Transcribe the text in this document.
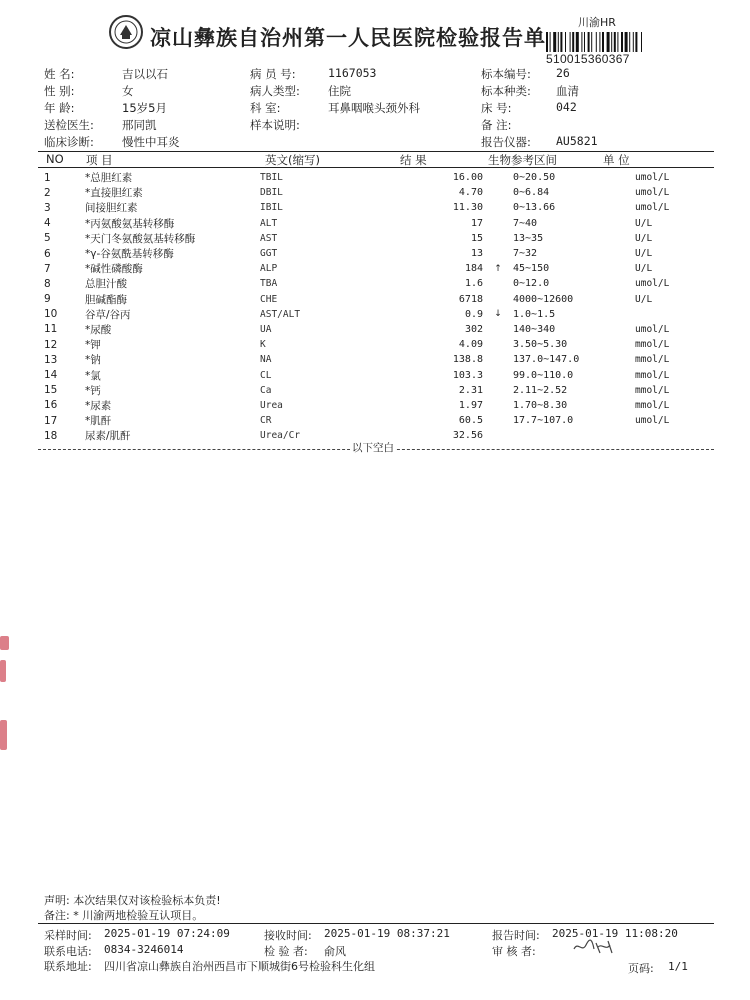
凉山彝族自治州第一人民医院检验报告单
川渝HR
510015360367
姓 名:	吉以以石
性 别:	女
年 龄:	15岁5月
送检医生: 邢同凯
临床诊断: 慢性中耳炎
病 员 号:	1167053
病人类型: 住院
科 室:	耳鼻咽喉头颈外科
样本说明:
标本编号: 26
标本种类: 血清
床 号:	042
备 注:
报告仪器: AU5821
NO 项 目	英文(缩写)	结 果	生物参考区间	单 位
1	*总胆红素	TBIL	16.00		0~20.50	umol/L
2	*直接胆红素	DBIL	4.70		0~6.84	umol/L
3	间接胆红素	IBIL	11.30		0~13.66	umol/L
4	*丙氨酸氨基转移酶	ALT	17		7~40	U/L
5	*天门冬氨酸氨基转移酶	AST	15		13~35	U/L
6	*γ-谷氨酰基转移酶	GGT	13		7~32	U/L
7	*碱性磷酸酶	ALP	184	↑	45~150	U/L
8	总胆汁酸	TBA	1.6		0~12.0	umol/L
9	胆碱酯酶	CHE	6718		4000~12600	U/L
10	谷草/谷丙	AST/ALT	0.9	↓	1.0~1.5	
11	*尿酸	UA	302		140~340	umol/L
12	*钾	K	4.09		3.50~5.30	mmol/L
13	*钠	NA	138.8		137.0~147.0	mmol/L
14	*氯	CL	103.3		99.0~110.0	mmol/L
15	*钙	Ca	2.31		2.11~2.52	mmol/L
16	*尿素	Urea	1.97		1.70~8.30	mmol/L
17	*肌酐	CR	60.5		17.7~107.0	umol/L
18	尿素/肌酐	Urea/Cr	32.56			
以下空白
声明: 本次结果仅对该检验标本负责!
备注: * 川渝两地检验互认项目。
采样时间: 2025-01-19 07:24:09	接收时间: 2025-01-19 08:37:21	报告时间: 2025-01-19 11:08:20
联系电话: 0834-3246014	检 验 者: 俞风	审 核 者:
联系地址: 四川省凉山彝族自治州西昌市下顺城街6号检验科生化组	页码: 1/1
